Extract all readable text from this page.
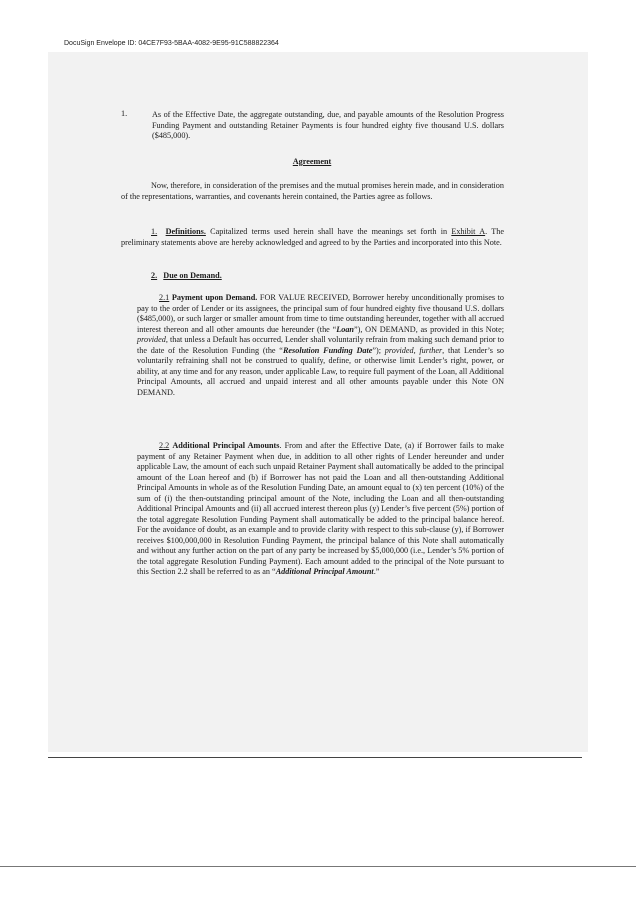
DocuSign Envelope ID: 04CE7F93-5BAA-4082-9E95-91C588822364
1.	As of the Effective Date, the aggregate outstanding, due, and payable amounts of the Resolution Progress Funding Payment and outstanding Retainer Payments is four hundred eighty five thousand U.S. dollars ($485,000).
Agreement
Now, therefore, in consideration of the premises and the mutual promises herein made, and in consideration of the representations, warranties, and covenants herein contained, the Parties agree as follows.
1. Definitions. Capitalized terms used herein shall have the meanings set forth in Exhibit A. The preliminary statements above are hereby acknowledged and agreed to by the Parties and incorporated into this Note.
2. Due on Demand.
2.1 Payment upon Demand. FOR VALUE RECEIVED, Borrower hereby unconditionally promises to pay to the order of Lender or its assignees, the principal sum of four hundred eighty five thousand U.S. dollars ($485,000), or such larger or smaller amount from time to time outstanding hereunder, together with all accrued interest thereon and all other amounts due hereunder (the “Loan”), ON DEMAND, as provided in this Note; provided, that unless a Default has occurred, Lender shall voluntarily refrain from making such demand prior to the date of the Resolution Funding (the “Resolution Funding Date”); provided, further, that Lender’s so voluntarily refraining shall not be construed to qualify, define, or otherwise limit Lender’s right, power, or ability, at any time and for any reason, under applicable Law, to require full payment of the Loan, all Additional Principal Amounts, all accrued and unpaid interest and all other amounts payable under this Note ON DEMAND.
2.2 Additional Principal Amounts. From and after the Effective Date, (a) if Borrower fails to make payment of any Retainer Payment when due, in addition to all other rights of Lender hereunder and under applicable Law, the amount of each such unpaid Retainer Payment shall automatically be added to the principal amount of the Loan hereof and (b) if Borrower has not paid the Loan and all then-outstanding Additional Principal Amounts in whole as of the Resolution Funding Date, an amount equal to (x) ten percent (10%) of the sum of (i) the then-outstanding principal amount of the Note, including the Loan and all then-outstanding Additional Principal Amounts and (ii) all accrued interest thereon plus (y) Lender’s five percent (5%) portion of the total aggregate Resolution Funding Payment shall automatically be added to the principal balance hereof. For the avoidance of doubt, as an example and to provide clarity with respect to this sub-clause (y), if Borrower receives $100,000,000 in Resolution Funding Payment, the principal balance of this Note shall automatically and without any further action on the part of any party be increased by $5,000,000 (i.e., Lender’s 5% portion of the total aggregate Resolution Funding Payment). Each amount added to the principal of the Note pursuant to this Section 2.2 shall be referred to as an “Additional Principal Amount.”
